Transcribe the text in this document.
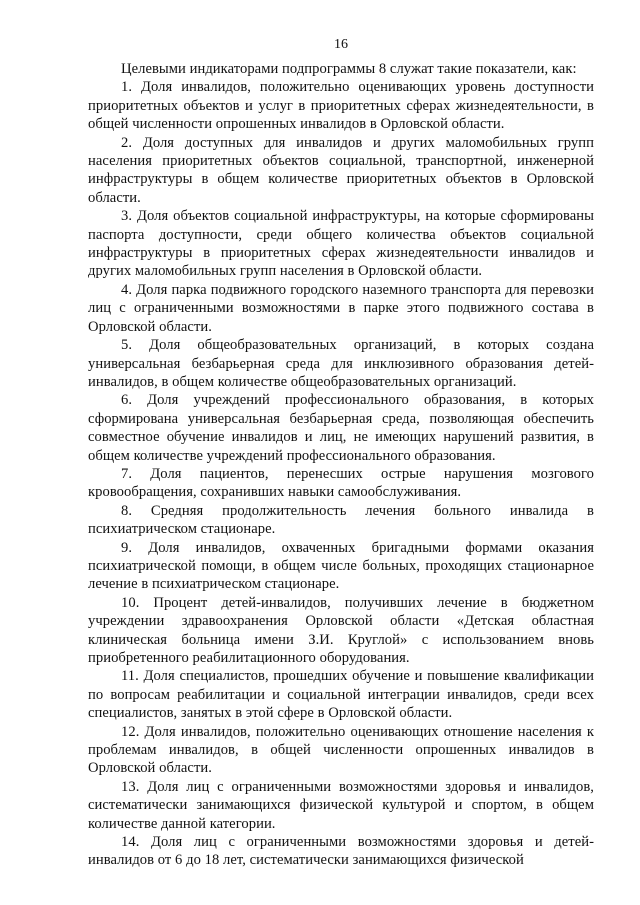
16

Целевыми индикаторами подпрограммы 8 служат такие показатели, как:

1. Доля инвалидов, положительно оценивающих уровень доступности приоритетных объектов и услуг в приоритетных сферах жизнедеятельности, в общей численности опрошенных инвалидов в Орловской области.

2. Доля доступных для инвалидов и других маломобильных групп населения приоритетных объектов социальной, транспортной, инженерной инфраструктуры в общем количестве приоритетных объектов в Орловской области.

3. Доля объектов социальной инфраструктуры, на которые сформированы паспорта доступности, среди общего количества объектов социальной инфраструктуры в приоритетных сферах жизнедеятельности инвалидов и других маломобильных групп населения в Орловской области.

4. Доля парка подвижного городского наземного транспорта для перевозки лиц с ограниченными возможностями в парке этого подвижного состава в Орловской области.

5. Доля общеобразовательных организаций, в которых создана универсальная безбарьерная среда для инклюзивного образования детей-инвалидов, в общем количестве общеобразовательных организаций.

6. Доля учреждений профессионального образования, в которых сформирована универсальная безбарьерная среда, позволяющая обеспечить совместное обучение инвалидов и лиц, не имеющих нарушений развития, в общем количестве учреждений профессионального образования.

7. Доля пациентов, перенесших острые нарушения мозгового кровообращения, сохранивших навыки самообслуживания.

8. Средняя продолжительность лечения больного инвалида в психиатрическом стационаре.

9. Доля инвалидов, охваченных бригадными формами оказания психиатрической помощи, в общем числе больных, проходящих стационарное лечение в психиатрическом стационаре.

10. Процент детей-инвалидов, получивших лечение в бюджетном учреждении здравоохранения Орловской области «Детская областная клиническая больница имени З.И. Круглой» с использованием вновь приобретенного реабилитационного оборудования.

11. Доля специалистов, прошедших обучение и повышение квалификации по вопросам реабилитации и социальной интеграции инвалидов, среди всех специалистов, занятых в этой сфере в Орловской области.

12. Доля инвалидов, положительно оценивающих отношение населения к проблемам инвалидов, в общей численности опрошенных инвалидов в Орловской области.

13. Доля лиц с ограниченными возможностями здоровья и инвалидов, систематически занимающихся физической культурой и спортом, в общем количестве данной категории.

14. Доля лиц с ограниченными возможностями здоровья и детей-инвалидов от 6 до 18 лет, систематически занимающихся физической
